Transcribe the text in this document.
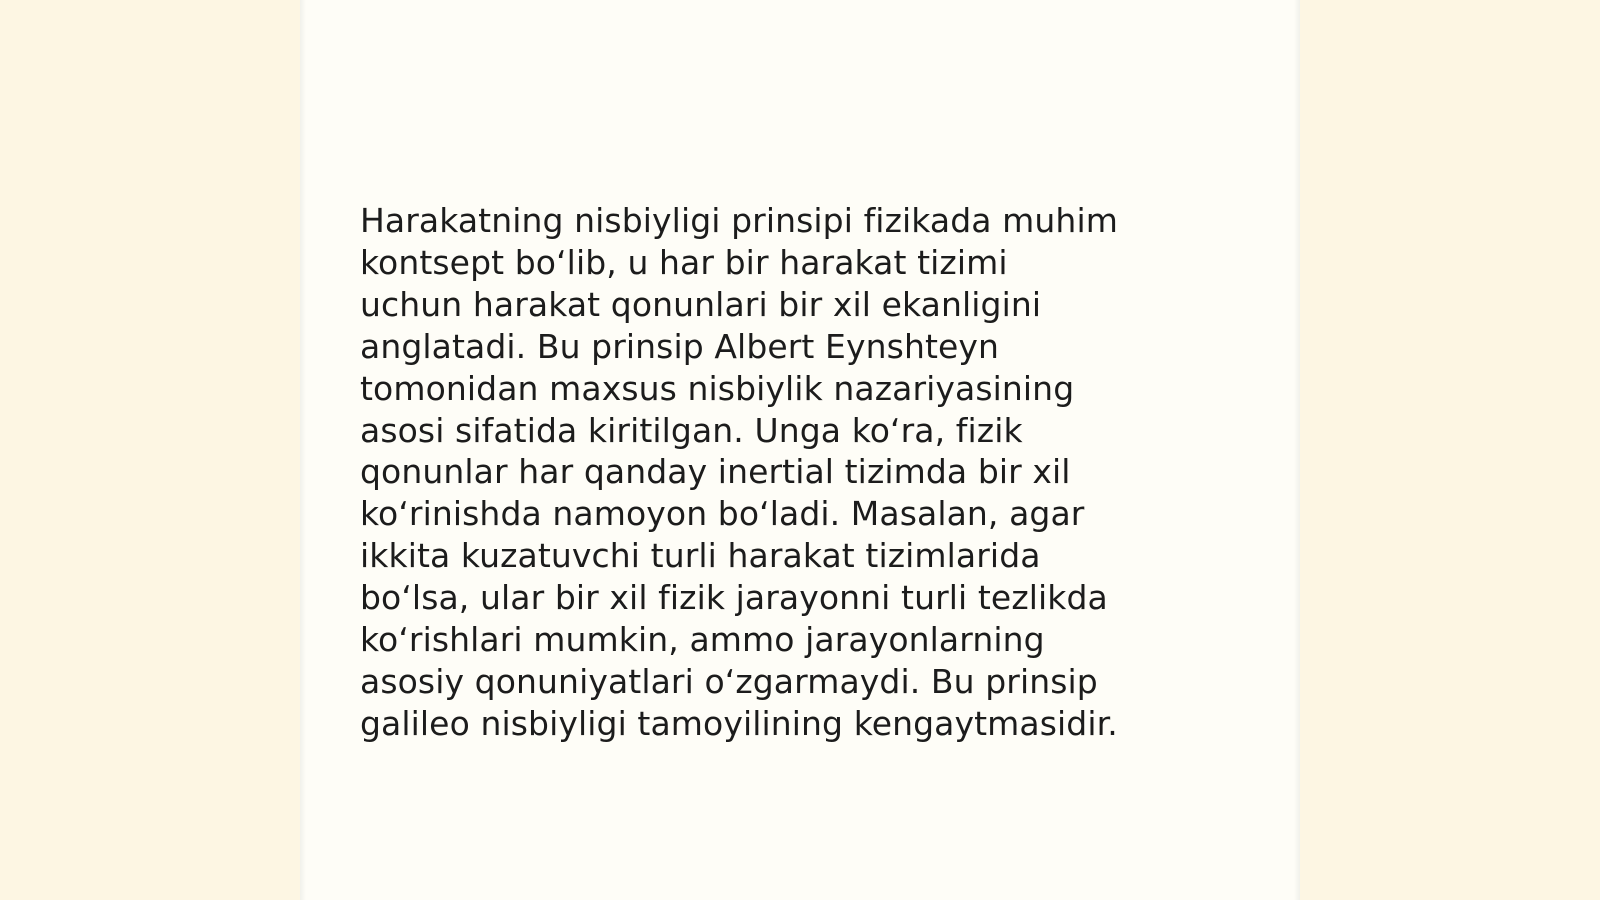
Harakatning nisbiyligi prinsipi fizikada muhim kontsept bo‘lib, u har bir harakat tizimi uchun harakat qonunlari bir xil ekanligini anglatadi. Bu prinsip Albert Eynshteyn tomonidan maxsus nisbiylik nazariyasining asosi sifatida kiritilgan. Unga ko‘ra, fizik qonunlar har qanday inertial tizimda bir xil ko‘rinishda namoyon bo‘ladi. Masalan, agar ikkita kuzatuvchi turli harakat tizimlarida bo‘lsa, ular bir xil fizik jarayonni turli tezlikda ko‘rishlari mumkin, ammo jarayonlarning asosiy qonuniyatlari o‘zgarmaydi. Bu prinsip galileo nisbiyligi tamoyilining kengaytmasidir.
